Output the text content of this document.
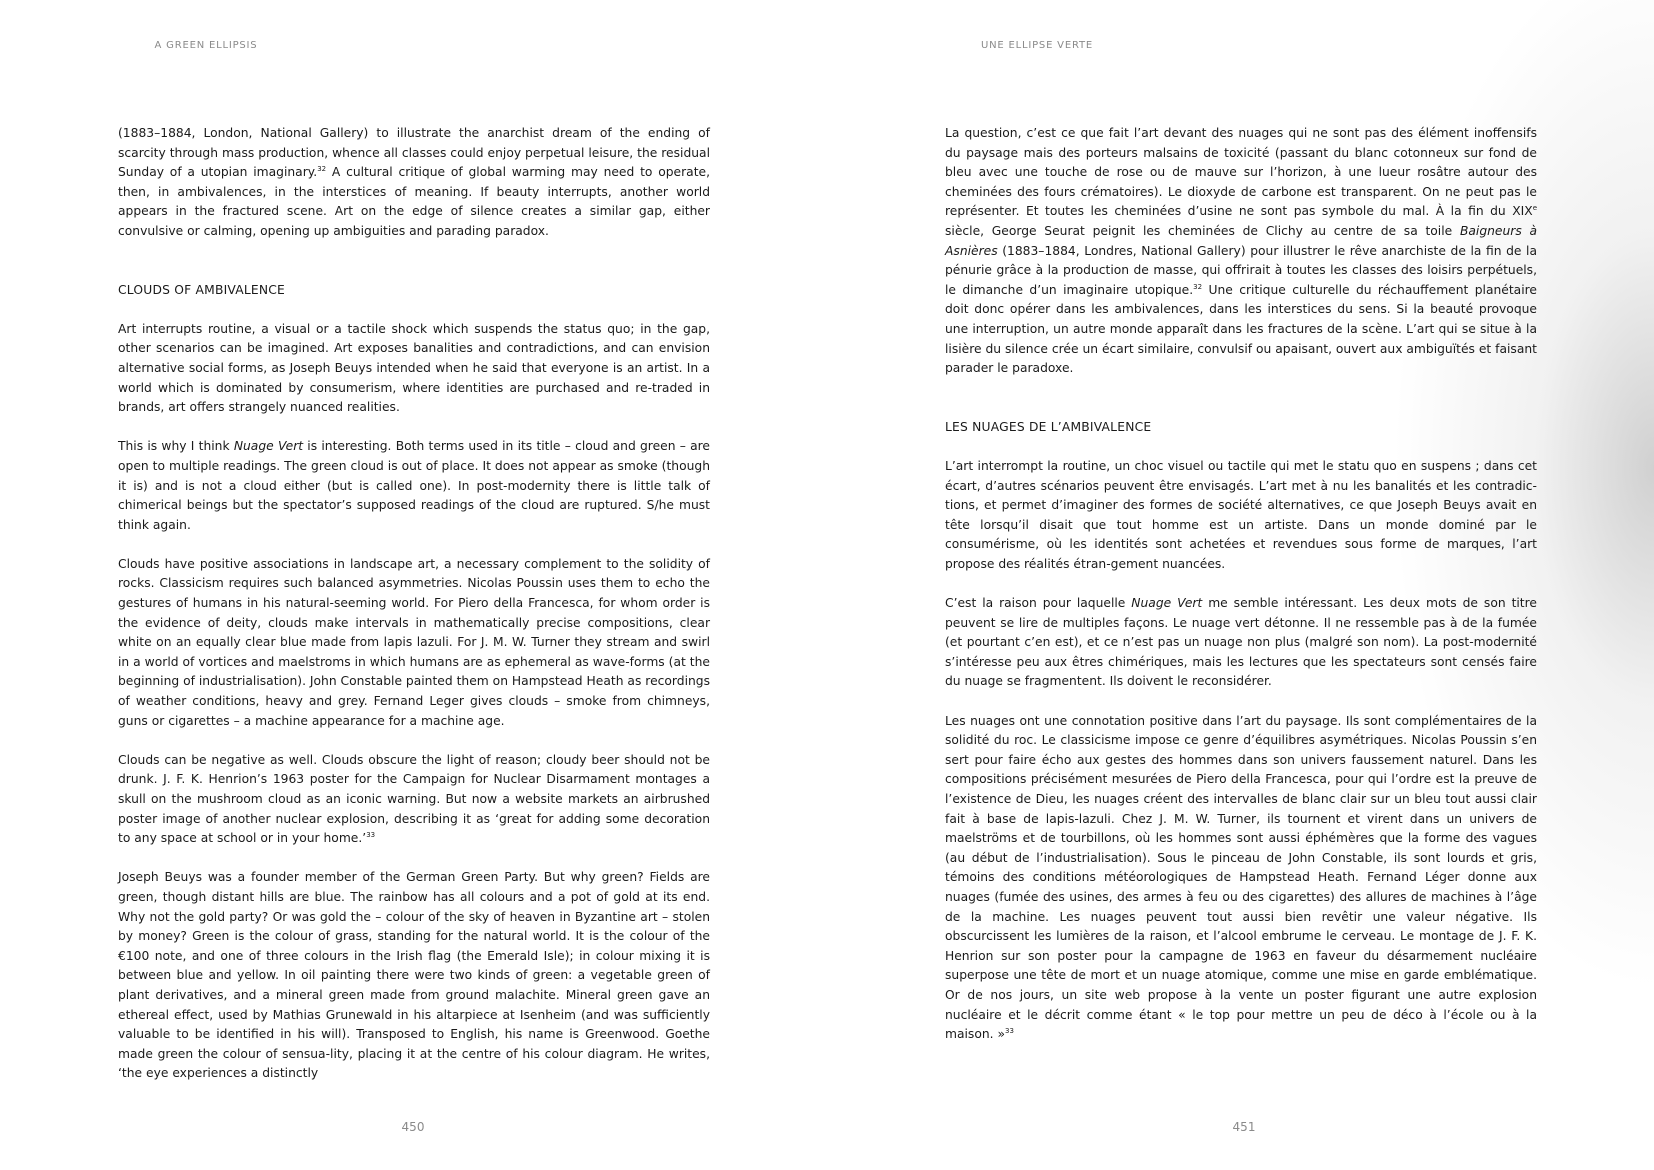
A GREEN ELLIPSIS

(1883–1884, London, National Gallery) to illustrate the anarchist dream of the ending of scarcity through mass production, whence all classes could enjoy perpetual leisure, the residual Sunday of a utopian imaginary.$^{32}$ A cultural critique of global warming may need to operate, then, in ambivalences, in the interstices of meaning. If beauty interrupts, another world appears in the fractured scene. Art on the edge of silence creates a similar gap, either convulsive or calming, opening up ambiguities and parading paradox.

CLOUDS OF AMBIVALENCE

Art interrupts routine, a visual or a tactile shock which suspends the status quo; in the gap, other scenarios can be imagined. Art exposes banalities and contradictions, and can envision alternative social forms, as Joseph Beuys intended when he said that everyone is an artist. In a world which is dominated by consumerism, where identities are purchased and re-traded in brands, art offers strangely nuanced realities.

This is why I think Nuage Vert is interesting. Both terms used in its title – cloud and green – are open to multiple readings. The green cloud is out of place. It does not appear as smoke (though it is) and is not a cloud either (but is called one). In post-modernity there is little talk of chimerical beings but the spectator’s supposed readings of the cloud are ruptured. S/he must think again.

Clouds have positive associations in landscape art, a necessary complement to the solidity of rocks. Classicism requires such balanced asymmetries. Nicolas Poussin uses them to echo the gestures of humans in his natural-seeming world. For Piero della Francesca, for whom order is the evidence of deity, clouds make intervals in mathematically precise compositions, clear white on an equally clear blue made from lapis lazuli. For J. M. W. Turner they stream and swirl in a world of vortices and maelstroms in which humans are as ephemeral as wave-forms (at the beginning of industrialisation). John Constable painted them on Hampstead Heath as recordings of weather conditions, heavy and grey. Fernand Leger gives clouds – smoke from chimneys, guns or cigarettes – a machine appearance for a machine age.

Clouds can be negative as well. Clouds obscure the light of reason; cloudy beer should not be drunk. J. F. K. Henrion’s 1963 poster for the Campaign for Nuclear Disarmament montages a skull on the mushroom cloud as an iconic warning. But now a website markets an airbrushed poster image of another nuclear explosion, describing it as ‘great for adding some decoration to any space at school or in your home.’$^{33}$

Joseph Beuys was a founder member of the German Green Party. But why green? Fields are green, though distant hills are blue. The rainbow has all colours and a pot of gold at its end. Why not the gold party? Or was gold the – colour of the sky of heaven in Byzantine art – stolen by money? Green is the colour of grass, standing for the natural world. It is the colour of the €100 note, and one of three colours in the Irish flag (the Emerald Isle); in colour mixing it is between blue and yellow. In oil painting there were two kinds of green: a vegetable green of plant derivatives, and a mineral green made from ground malachite. Mineral green gave an ethereal effect, used by Mathias Grunewald in his altarpiece at Isenheim (and was sufficiently valuable to be identified in his will). Transposed to English, his name is Greenwood. Goethe made green the colour of sensua-lity, placing it at the centre of his colour diagram. He writes, ‘the eye experiences a distinctly

450
UNE ELLIPSE VERTE

La question, c’est ce que fait l’art devant des nuages qui ne sont pas des élément inoffensifs du paysage mais des porteurs malsains de toxicité (passant du blanc cotonneux sur fond de bleu avec une touche de rose ou de mauve sur l’horizon, à une lueur rosâtre autour des cheminées des fours crématoires). Le dioxyde de carbone est transparent. On ne peut pas le représenter. Et toutes les cheminées d’usine ne sont pas symbole du mal. À la fin du XIXe siècle, George Seurat peignit les cheminées de Clichy au centre de sa toile Baigneurs à Asnières (1883–1884, Londres, National Gallery) pour illustrer le rêve anarchiste de la fin de la pénurie grâce à la production de masse, qui offrirait à toutes les classes des loisirs perpétuels, le dimanche d’un imaginaire utopique.$^{32}$ Une critique culturelle du réchauffement planétaire doit donc opérer dans les ambivalences, dans les interstices du sens. Si la beauté provoque une interruption, un autre monde apparaît dans les fractures de la scène. L’art qui se situe à la lisière du silence crée un écart similaire, convulsif ou apaisant, ouvert aux ambiguïtés et faisant parader le paradoxe.

LES NUAGES DE L’AMBIVALENCE

L’art interrompt la routine, un choc visuel ou tactile qui met le statu quo en suspens ; dans cet écart, d’autres scénarios peuvent être envisagés. L’art met à nu les banalités et les contradic-tions, et permet d’imaginer des formes de société alternatives, ce que Joseph Beuys avait en tête lorsqu’il disait que tout homme est un artiste. Dans un monde dominé par le consumérisme, où les identités sont achetées et revendues sous forme de marques, l’art propose des réalités étran-gement nuancées.

C’est la raison pour laquelle Nuage Vert me semble intéressant. Les deux mots de son titre peuvent se lire de multiples façons. Le nuage vert détonne. Il ne ressemble pas à de la fumée (et pourtant c’en est), et ce n’est pas un nuage non plus (malgré son nom). La post-modernité s’intéresse peu aux êtres chimériques, mais les lectures que les spectateurs sont censés faire du nuage se fragmentent. Ils doivent le reconsidérer.

Les nuages ont une connotation positive dans l’art du paysage. Ils sont complémentaires de la solidité du roc. Le classicisme impose ce genre d’équilibres asymétriques. Nicolas Poussin s’en sert pour faire écho aux gestes des hommes dans son univers faussement naturel. Dans les compositions précisément mesurées de Piero della Francesca, pour qui l’ordre est la preuve de l’existence de Dieu, les nuages créent des intervalles de blanc clair sur un bleu tout aussi clair fait à base de lapis-lazuli. Chez J. M. W. Turner, ils tournent et virent dans un univers de maelströms et de tourbillons, où les hommes sont aussi éphémères que la forme des vagues (au début de l’industrialisation). Sous le pinceau de John Constable, ils sont lourds et gris, témoins des conditions météorologiques de Hampstead Heath. Fernand Léger donne aux nuages (fumée des usines, des armes à feu ou des cigarettes) des allures de machines à l’âge de la machine. Les nuages peuvent tout aussi bien revêtir une valeur négative. Ils obscurcissent les lumières de la raison, et l’alcool embrume le cerveau. Le montage de J. F. K. Henrion sur son poster pour la campagne de 1963 en faveur du désarmement nucléaire superpose une tête de mort et un nuage atomique, comme une mise en garde emblématique. Or de nos jours, un site web propose à la vente un poster figurant une autre explosion nucléaire et le décrit comme étant « le top pour mettre un peu de déco à l’école ou à la maison. »$^{33}$

451
